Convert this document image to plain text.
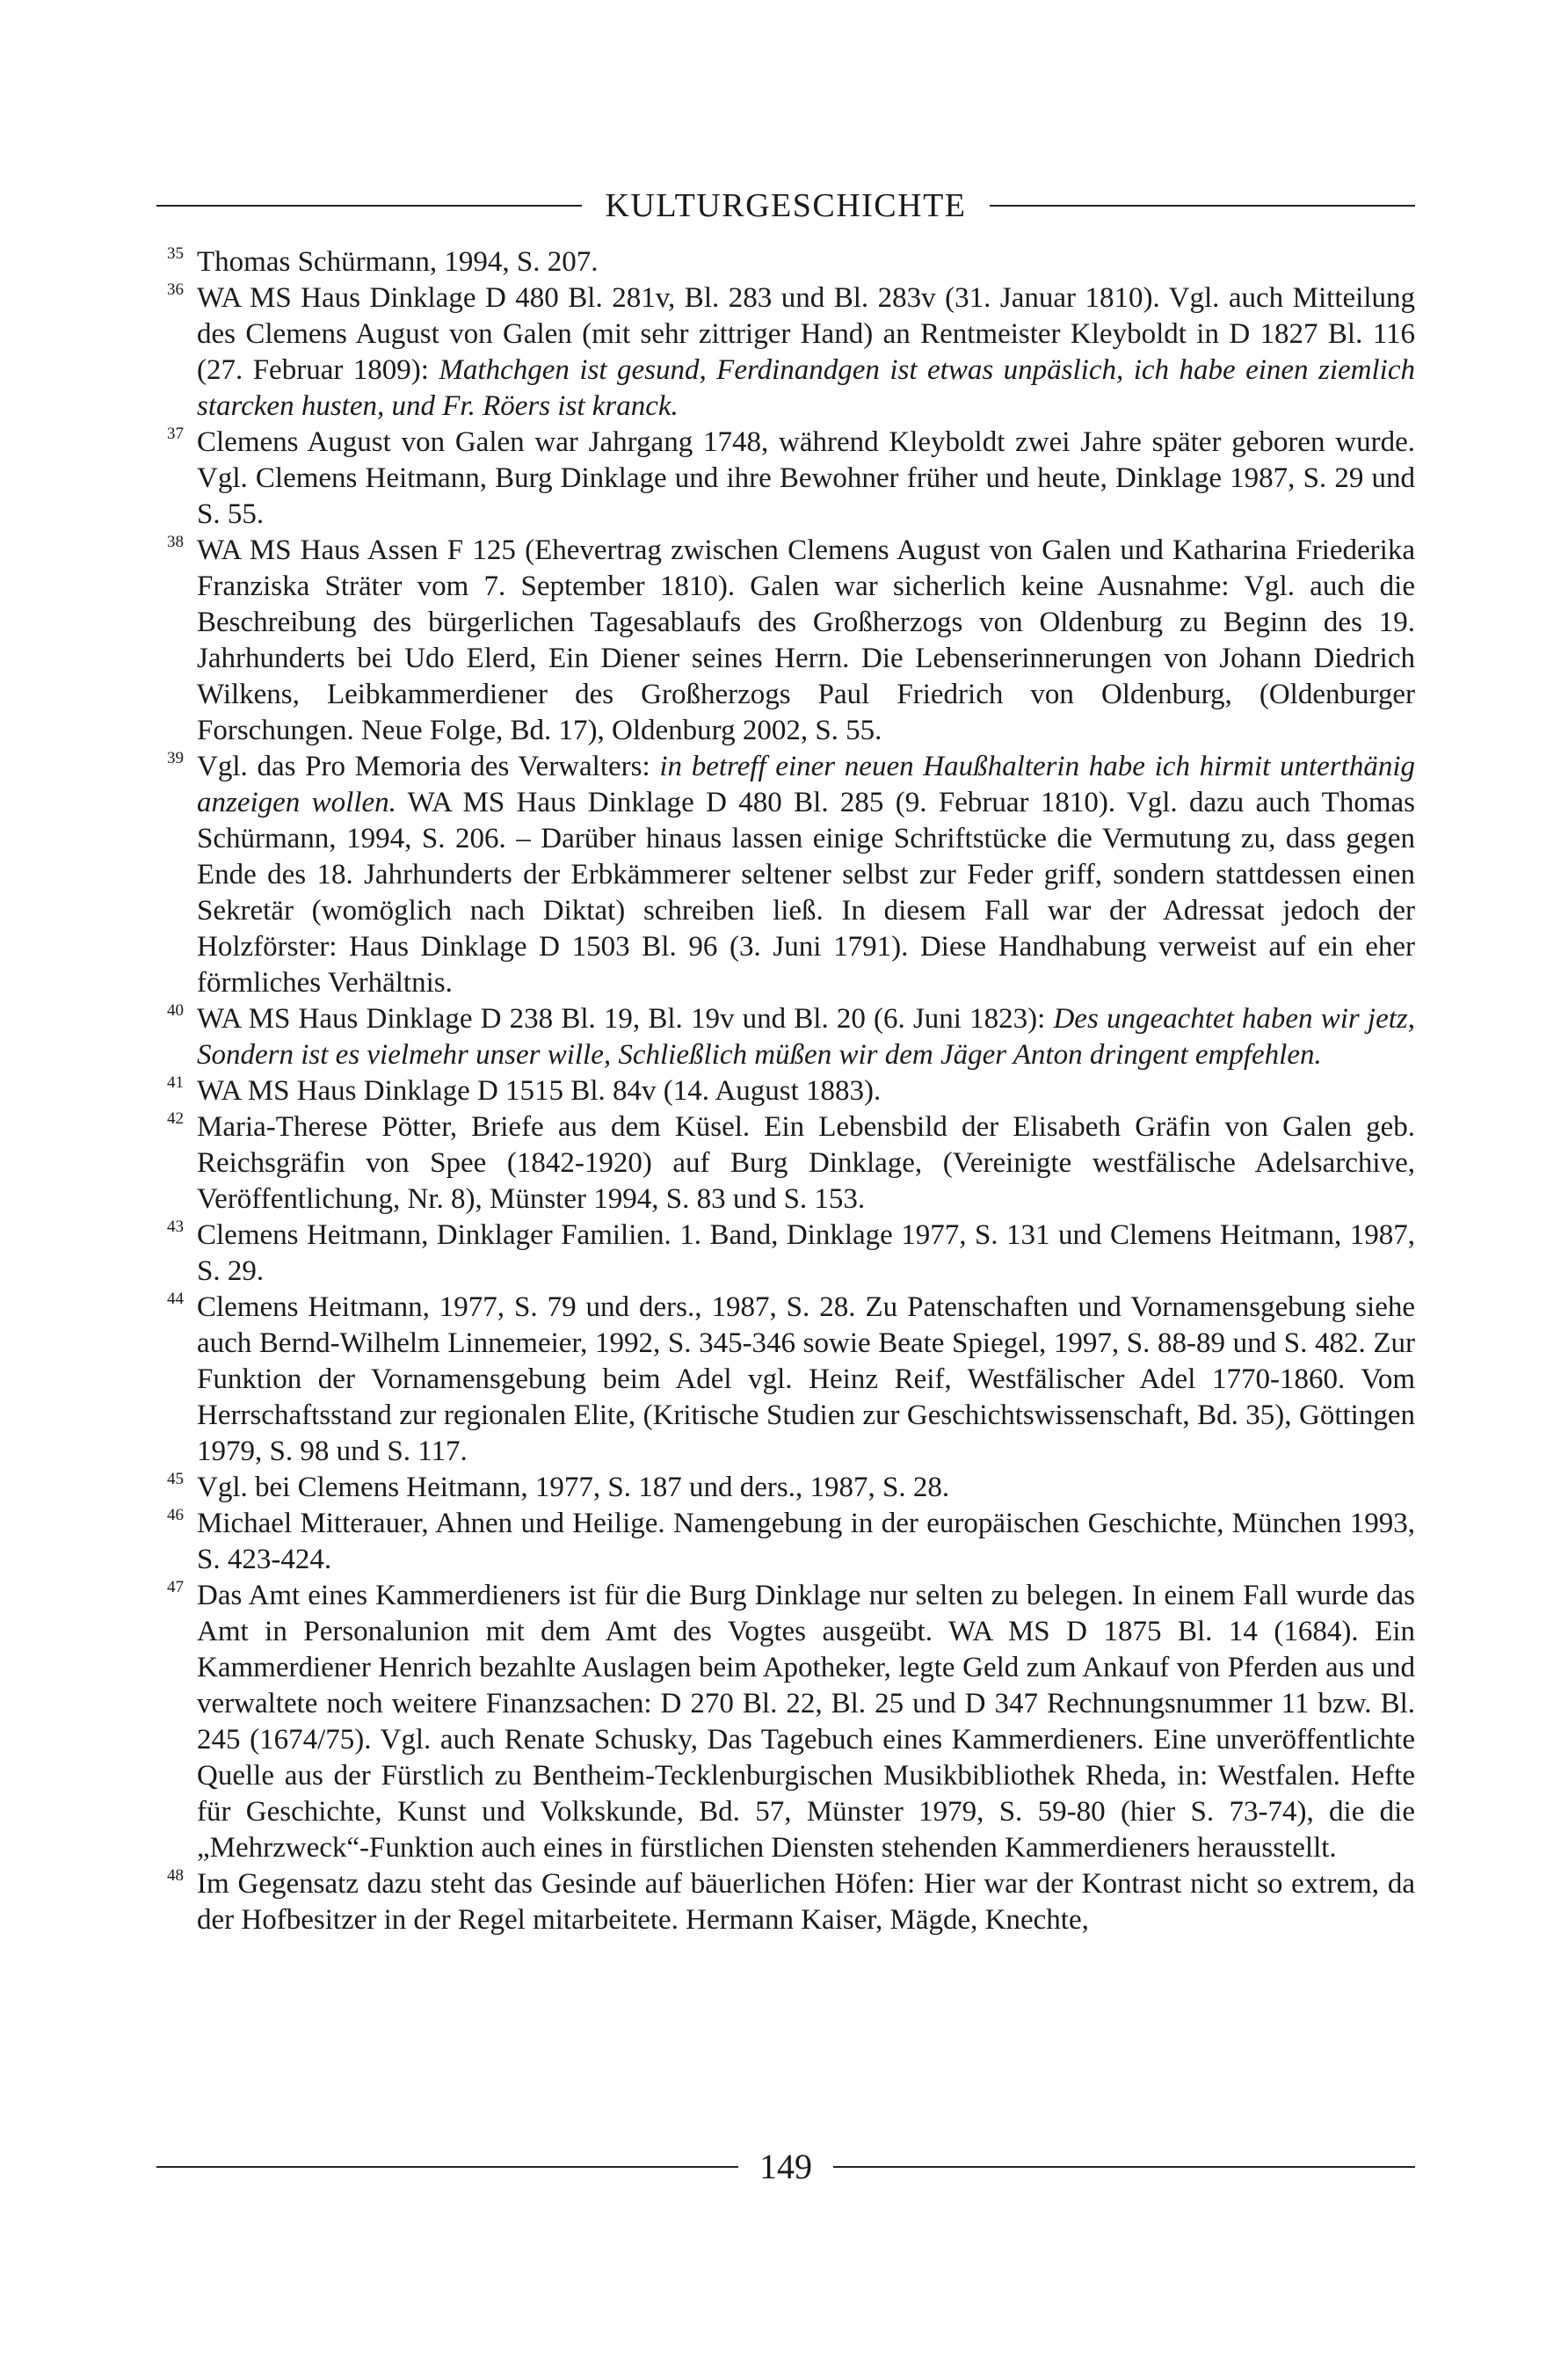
KULTURGESCHICHTE

35 Thomas Schürmann, 1994, S. 207.

36 WA MS Haus Dinklage D 480 Bl. 281v, Bl. 283 und Bl. 283v (31. Januar 1810). Vgl. auch Mitteilung des Clemens August von Galen (mit sehr zittriger Hand) an Rentmeister Kleyboldt in D 1827 Bl. 116 (27. Februar 1809): Mathchgen ist gesund, Ferdinandgen ist etwas unpäslich, ich habe einen ziemlich starcken husten, und Fr. Röers ist kranck.

37 Clemens August von Galen war Jahrgang 1748, während Kleyboldt zwei Jahre später geboren wurde. Vgl. Clemens Heitmann, Burg Dinklage und ihre Bewohner früher und heute, Dinklage 1987, S. 29 und S. 55.

38 WA MS Haus Assen F 125 (Ehevertrag zwischen Clemens August von Galen und Katharina Friederika Franziska Sträter vom 7. September 1810). Galen war sicherlich keine Ausnahme: Vgl. auch die Beschreibung des bürgerlichen Tagesablaufs des Großherzogs von Oldenburg zu Beginn des 19. Jahrhunderts bei Udo Elerd, Ein Diener seines Herrn. Die Lebenserinnerungen von Johann Diedrich Wilkens, Leibkammerdiener des Großherzogs Paul Friedrich von Oldenburg, (Oldenburger Forschungen. Neue Folge, Bd. 17), Oldenburg 2002, S. 55.

39 Vgl. das Pro Memoria des Verwalters: in betreff einer neuen Haußhalterin habe ich hirmit unterthänig anzeigen wollen. WA MS Haus Dinklage D 480 Bl. 285 (9. Februar 1810). Vgl. dazu auch Thomas Schürmann, 1994, S. 206. – Darüber hinaus lassen einige Schriftstücke die Vermutung zu, dass gegen Ende des 18. Jahrhunderts der Erbkämmerer seltener selbst zur Feder griff, sondern stattdessen einen Sekretär (womöglich nach Diktat) schreiben ließ. In diesem Fall war der Adressat jedoch der Holzförster: Haus Dinklage D 1503 Bl. 96 (3. Juni 1791). Diese Handhabung verweist auf ein eher förmliches Verhältnis.

40 WA MS Haus Dinklage D 238 Bl. 19, Bl. 19v und Bl. 20 (6. Juni 1823): Des ungeachtet haben wir jetz, Sondern ist es vielmehr unser wille, Schließlich müßen wir dem Jäger Anton dringent empfehlen.

41 WA MS Haus Dinklage D 1515 Bl. 84v (14. August 1883).

42 Maria-Therese Pötter, Briefe aus dem Küsel. Ein Lebensbild der Elisabeth Gräfin von Galen geb. Reichsgräfin von Spee (1842-1920) auf Burg Dinklage, (Vereinigte westfälische Adelsarchive, Veröffentlichung, Nr. 8), Münster 1994, S. 83 und S. 153.

43 Clemens Heitmann, Dinklager Familien. 1. Band, Dinklage 1977, S. 131 und Clemens Heitmann, 1987, S. 29.

44 Clemens Heitmann, 1977, S. 79 und ders., 1987, S. 28. Zu Patenschaften und Vornamensgebung siehe auch Bernd-Wilhelm Linnemeier, 1992, S. 345-346 sowie Beate Spiegel, 1997, S. 88-89 und S. 482. Zur Funktion der Vornamensgebung beim Adel vgl. Heinz Reif, Westfälischer Adel 1770-1860. Vom Herrschaftsstand zur regionalen Elite, (Kritische Studien zur Geschichtswissenschaft, Bd. 35), Göttingen 1979, S. 98 und S. 117.

45 Vgl. bei Clemens Heitmann, 1977, S. 187 und ders., 1987, S. 28.

46 Michael Mitterauer, Ahnen und Heilige. Namengebung in der europäischen Geschichte, München 1993, S. 423-424.

47 Das Amt eines Kammerdieners ist für die Burg Dinklage nur selten zu belegen. In einem Fall wurde das Amt in Personalunion mit dem Amt des Vogtes ausgeübt. WA MS D 1875 Bl. 14 (1684). Ein Kammerdiener Henrich bezahlte Auslagen beim Apotheker, legte Geld zum Ankauf von Pferden aus und verwaltete noch weitere Finanzsachen: D 270 Bl. 22, Bl. 25 und D 347 Rechnungsnummer 11 bzw. Bl. 245 (1674/75). Vgl. auch Renate Schusky, Das Tagebuch eines Kammerdieners. Eine unveröffentlichte Quelle aus der Fürstlich zu Bentheim-Tecklenburgischen Musikbibliothek Rheda, in: Westfalen. Hefte für Geschichte, Kunst und Volkskunde, Bd. 57, Münster 1979, S. 59-80 (hier S. 73-74), die die „Mehrzweck“-Funktion auch eines in fürstlichen Diensten stehenden Kammerdieners herausstellt.

48 Im Gegensatz dazu steht das Gesinde auf bäuerlichen Höfen: Hier war der Kontrast nicht so extrem, da der Hofbesitzer in der Regel mitarbeitete. Hermann Kaiser, Mägde, Knechte,

149
